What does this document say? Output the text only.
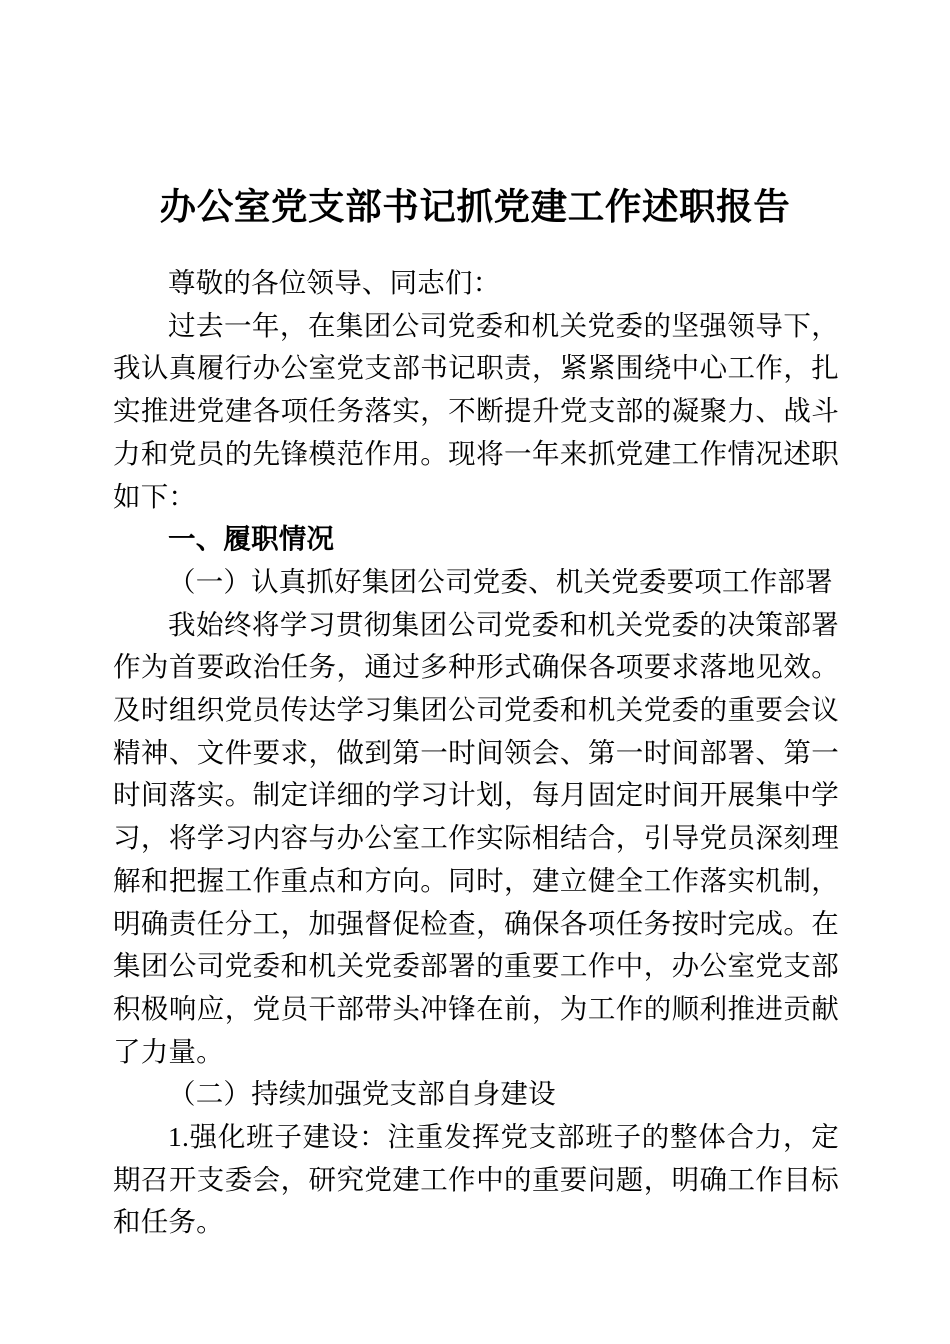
办公室党支部书记抓党建工作述职报告

尊敬的各位领导、同志们：

过去一年，在集团公司党委和机关党委的坚强领导下，我认真履行办公室党支部书记职责，紧紧围绕中心工作，扎实推进党建各项任务落实，不断提升党支部的凝聚力、战斗力和党员的先锋模范作用。现将一年来抓党建工作情况述职如下：

一、履职情况

（一）认真抓好集团公司党委、机关党委要项工作部署

我始终将学习贯彻集团公司党委和机关党委的决策部署作为首要政治任务，通过多种形式确保各项要求落地见效。及时组织党员传达学习集团公司党委和机关党委的重要会议精神、文件要求，做到第一时间领会、第一时间部署、第一时间落实。制定详细的学习计划，每月固定时间开展集中学习，将学习内容与办公室工作实际相结合，引导党员深刻理解和把握工作重点和方向。同时，建立健全工作落实机制，明确责任分工，加强督促检查，确保各项任务按时完成。在集团公司党委和机关党委部署的重要工作中，办公室党支部积极响应，党员干部带头冲锋在前，为工作的顺利推进贡献了力量。

（二）持续加强党支部自身建设

1.强化班子建设：注重发挥党支部班子的整体合力，定期召开支委会，研究党建工作中的重要问题，明确工作目标和任务。
